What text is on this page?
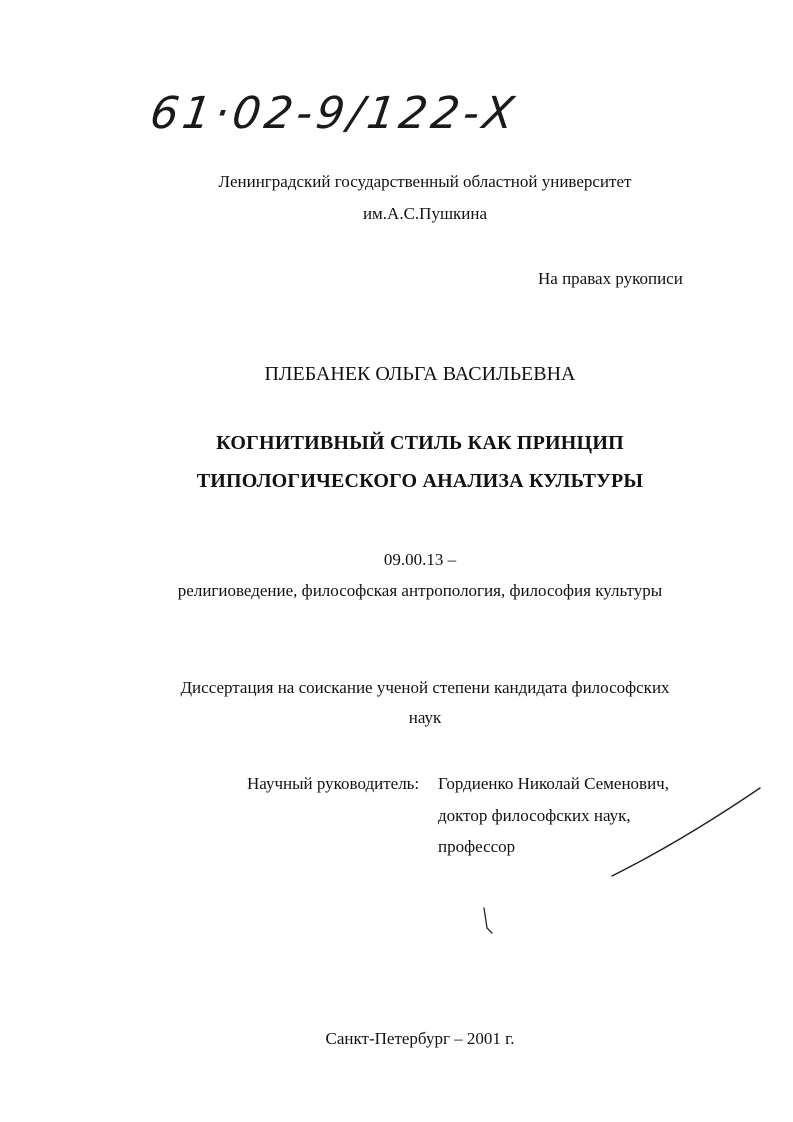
61·02-9/122-Х
Ленинградский государственный областной университет
им.А.С.Пушкина
На правах рукописи
ПЛЕБАНЕК ОЛЬГА ВАСИЛЬЕВНА
КОГНИТИВНЫЙ СТИЛЬ КАК ПРИНЦИП
ТИПОЛОГИЧЕСКОГО АНАЛИЗА КУЛЬТУРЫ
09.00.13 –
религиоведение, философская антропология, философия культуры
Диссертация на соискание ученой степени кандидата философских
наук
Научный руководитель:	Гордиенко Николай Семенович,
доктор философских наук,
профессор
Санкт-Петербург – 2001 г.
